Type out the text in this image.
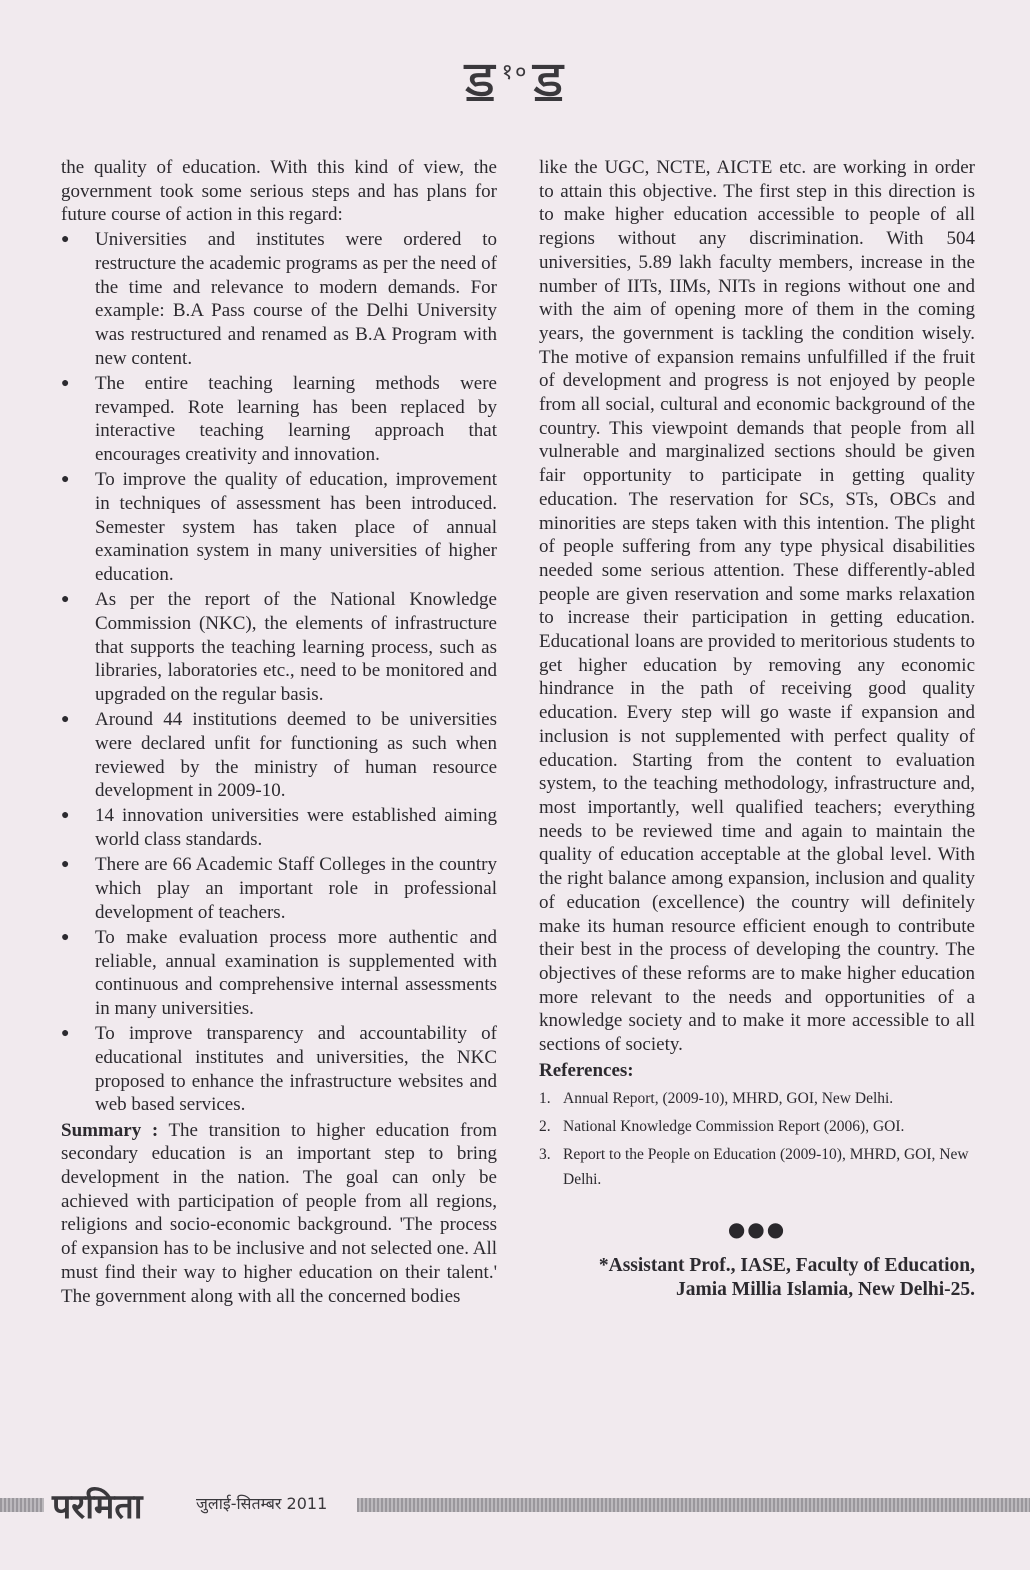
ॾ $^{१०}$ॾ

the quality of education. With this kind of view, the government took some serious steps and has plans for future course of action in this regard:

● Universities and institutes were ordered to restructure the academic programs as per the need of the time and relevance to modern demands. For example: B.A Pass course of the Delhi University was restructured and renamed as B.A Program with new content.
● The entire teaching learning methods were revamped. Rote learning has been replaced by interactive teaching learning approach that encourages creativity and innovation.
● To improve the quality of education, improvement in techniques of assessment has been introduced. Semester system has taken place of annual examination system in many universities of higher education.
● As per the report of the National Knowledge Commission (NKC), the elements of infrastructure that supports the teaching learning process, such as libraries, laboratories etc., need to be monitored and upgraded on the regular basis.
● Around 44 institutions deemed to be universities were declared unfit for functioning as such when reviewed by the ministry of human resource development in 2009-10.
● 14 innovation universities were established aiming world class standards.
● There are 66 Academic Staff Colleges in the country which play an important role in professional development of teachers.
● To make evaluation process more authentic and reliable, annual examination is supplemented with continuous and comprehensive internal assessments in many universities.
● To improve transparency and accountability of educational institutes and universities, the NKC proposed to enhance the infrastructure websites and web based services.

Summary : The transition to higher education from secondary education is an important step to bring development in the nation. The goal can only be achieved with participation of people from all regions, religions and socio-economic background. 'The process of expansion has to be inclusive and not selected one. All must find their way to higher education on their talent.' The government along with all the concerned bodies

like the UGC, NCTE, AICTE etc. are working in order to attain this objective. The first step in this direction is to make higher education accessible to people of all regions without any discrimination. With 504 universities, 5.89 lakh faculty members, increase in the number of IITs, IIMs, NITs in regions without one and with the aim of opening more of them in the coming years, the government is tackling the condition wisely. The motive of expansion remains unfulfilled if the fruit of development and progress is not enjoyed by people from all social, cultural and economic background of the country. This viewpoint demands that people from all vulnerable and marginalized sections should be given fair opportunity to participate in getting quality education. The reservation for SCs, STs, OBCs and minorities are steps taken with this intention. The plight of people suffering from any type physical disabilities needed some serious attention. These differently-abled people are given reservation and some marks relaxation to increase their participation in getting education. Educational loans are provided to meritorious students to get higher education by removing any economic hindrance in the path of receiving good quality education. Every step will go waste if expansion and inclusion is not supplemented with perfect quality of education. Starting from the content to evaluation system, to the teaching methodology, infrastructure and, most importantly, well qualified teachers; everything needs to be reviewed time and again to maintain the quality of education acceptable at the global level. With the right balance among expansion, inclusion and quality of education (excellence) the country will definitely make its human resource efficient enough to contribute their best in the process of developing the country. The objectives of these reforms are to make higher education more relevant to the needs and opportunities of a knowledge society and to make it more accessible to all sections of society.

References:
1. Annual Report, (2009-10), MHRD, GOI, New Delhi.
2. National Knowledge Commission Report (2006), GOI.
3. Report to the People on Education (2009-10), MHRD, GOI, New Delhi.
●●●
*Assistant Prof., IASE, Faculty of Education,
Jamia Millia Islamia, New Delhi-25.
परमिता	जुलाई-सितम्बर 2011
